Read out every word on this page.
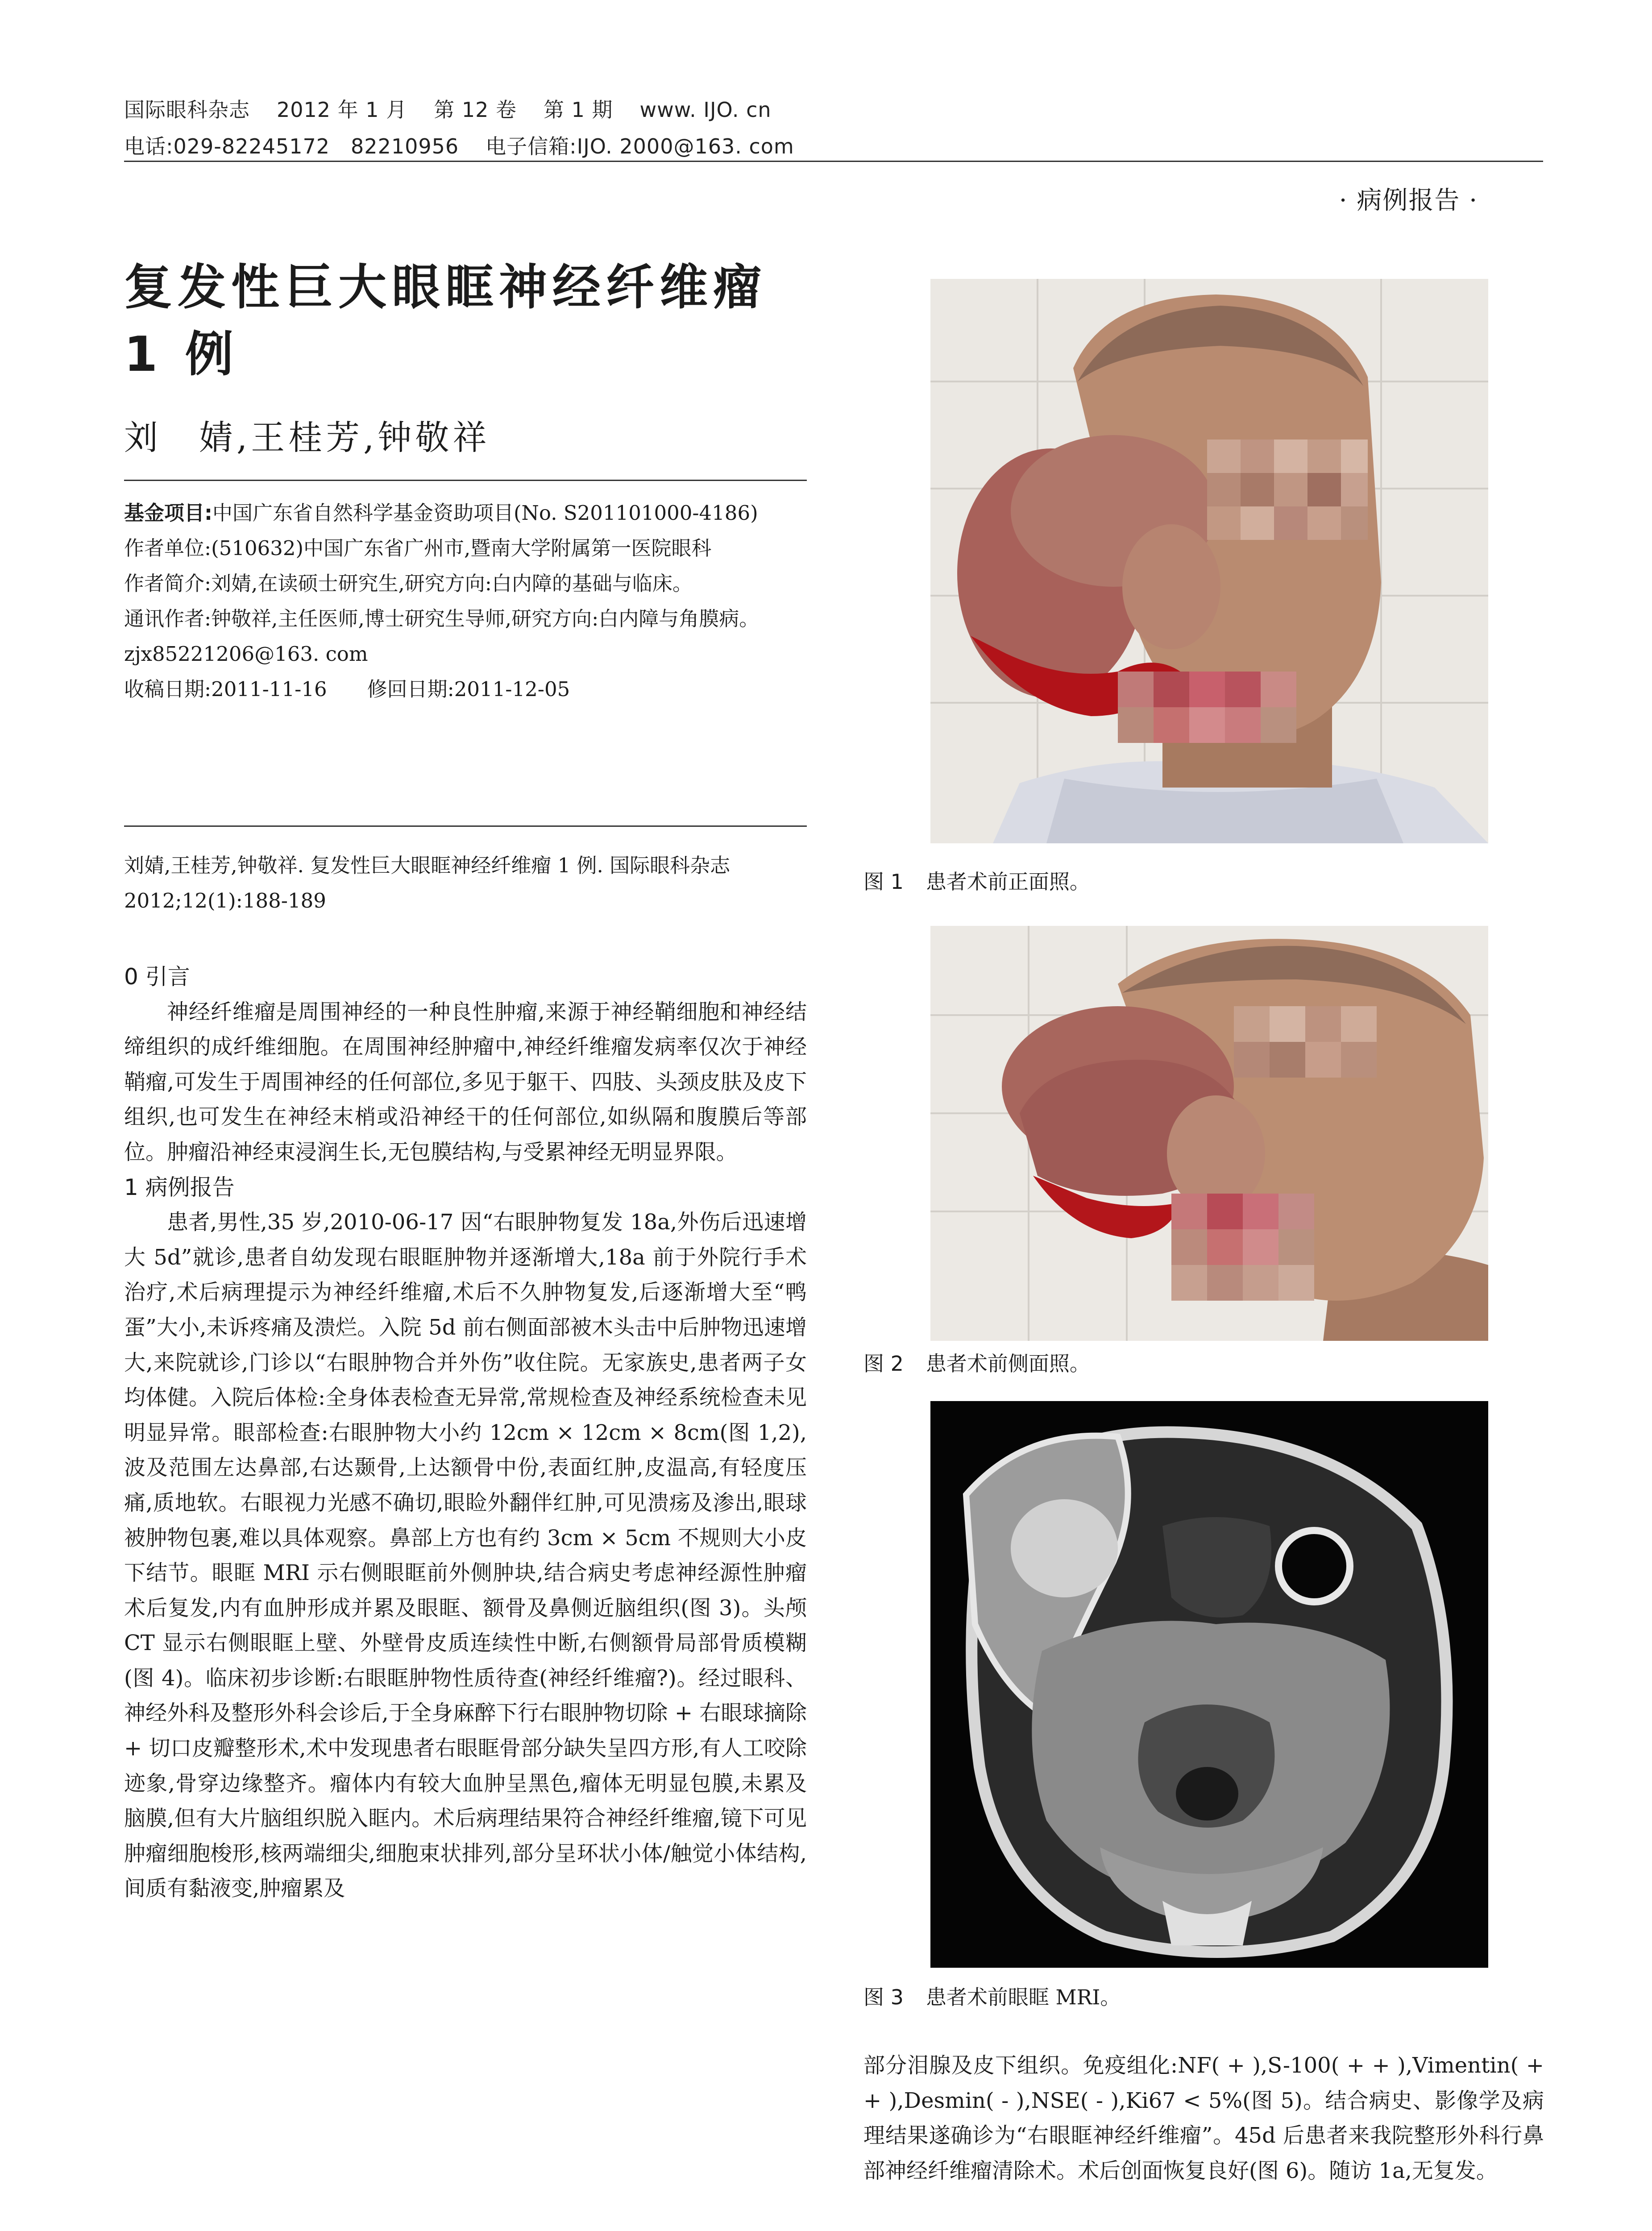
国际眼科杂志 2012 年 1 月 第 12 卷 第 1 期 www. IJO. cn
电话:029-82245172　82210956 电子信箱:IJO. 2000@163. com
· 病例报告 ·
复发性巨大眼眶神经纤维瘤
1 例
刘　婧,王桂芳,钟敬祥
基金项目:中国广东省自然科学基金资助项目(No. S201101000-4186)
作者单位:(510632)中国广东省广州市,暨南大学附属第一医院眼科
作者简介:刘婧,在读硕士研究生,研究方向:白内障的基础与临床。
通讯作者:钟敬祥,主任医师,博士研究生导师,研究方向:白内障与角膜病。zjx85221206@163. com
收稿日期:2011-11-16　　修回日期:2011-12-05
刘婧,王桂芳,钟敬祥. 复发性巨大眼眶神经纤维瘤 1 例. 国际眼科杂志 2012;12(1):188-189
0 引言

神经纤维瘤是周围神经的一种良性肿瘤,来源于神经鞘细胞和神经结缔组织的成纤维细胞。在周围神经肿瘤中,神经纤维瘤发病率仅次于神经鞘瘤,可发生于周围神经的任何部位,多见于躯干、四肢、头颈皮肤及皮下组织,也可发生在神经末梢或沿神经干的任何部位,如纵隔和腹膜后等部位。肿瘤沿神经束浸润生长,无包膜结构,与受累神经无明显界限。

1 病例报告

患者,男性,35 岁,2010-06-17 因“右眼肿物复发 18a,外伤后迅速增大 5d”就诊,患者自幼发现右眼眶肿物并逐渐增大,18a 前于外院行手术治疗,术后病理提示为神经纤维瘤,术后不久肿物复发,后逐渐增大至“鸭蛋”大小,未诉疼痛及溃烂。入院 5d 前右侧面部被木头击中后肿物迅速增大,来院就诊,门诊以“右眼肿物合并外伤”收住院。无家族史,患者两子女均体健。入院后体检:全身体表检查无异常,常规检查及神经系统检查未见明显异常。眼部检查:右眼肿物大小约 12cm × 12cm × 8cm(图 1,2),波及范围左达鼻部,右达颞骨,上达额骨中份,表面红肿,皮温高,有轻度压痛,质地软。右眼视力光感不确切,眼睑外翻伴红肿,可见溃疡及渗出,眼球被肿物包裹,难以具体观察。鼻部上方也有约 3cm × 5cm 不规则大小皮下结节。眼眶 MRI 示右侧眼眶前外侧肿块,结合病史考虑神经源性肿瘤术后复发,内有血肿形成并累及眼眶、额骨及鼻侧近脑组织(图 3)。头颅 CT 显示右侧眼眶上壁、外壁骨皮质连续性中断,右侧额骨局部骨质模糊(图 4)。临床初步诊断:右眼眶肿物性质待查(神经纤维瘤?)。经过眼科、神经外科及整形外科会诊后,于全身麻醉下行右眼肿物切除 + 右眼球摘除 + 切口皮瓣整形术,术中发现患者右眼眶骨部分缺失呈四方形,有人工咬除迹象,骨穿边缘整齐。瘤体内有较大血肿呈黑色,瘤体无明显包膜,未累及脑膜,但有大片脑组织脱入眶内。术后病理结果符合神经纤维瘤,镜下可见肿瘤细胞梭形,核两端细尖,细胞束状排列,部分呈环状小体/触觉小体结构,间质有黏液变,肿瘤累及

图 1 患者术前正面照。
图 2 患者术前侧面照。
图 3 患者术前眼眶 MRI。

部分泪腺及皮下组织。免疫组化:NF( + ),S-100( + + ),Vimentin( + + ),Desmin( - ),NSE( - ),Ki67 < 5%(图 5)。结合病史、影像学及病理结果遂确诊为“右眼眶神经纤维瘤”。45d 后患者来我院整形外科行鼻部神经纤维瘤清除术。术后创面恢复良好(图 6)。随访 1a,无复发。
